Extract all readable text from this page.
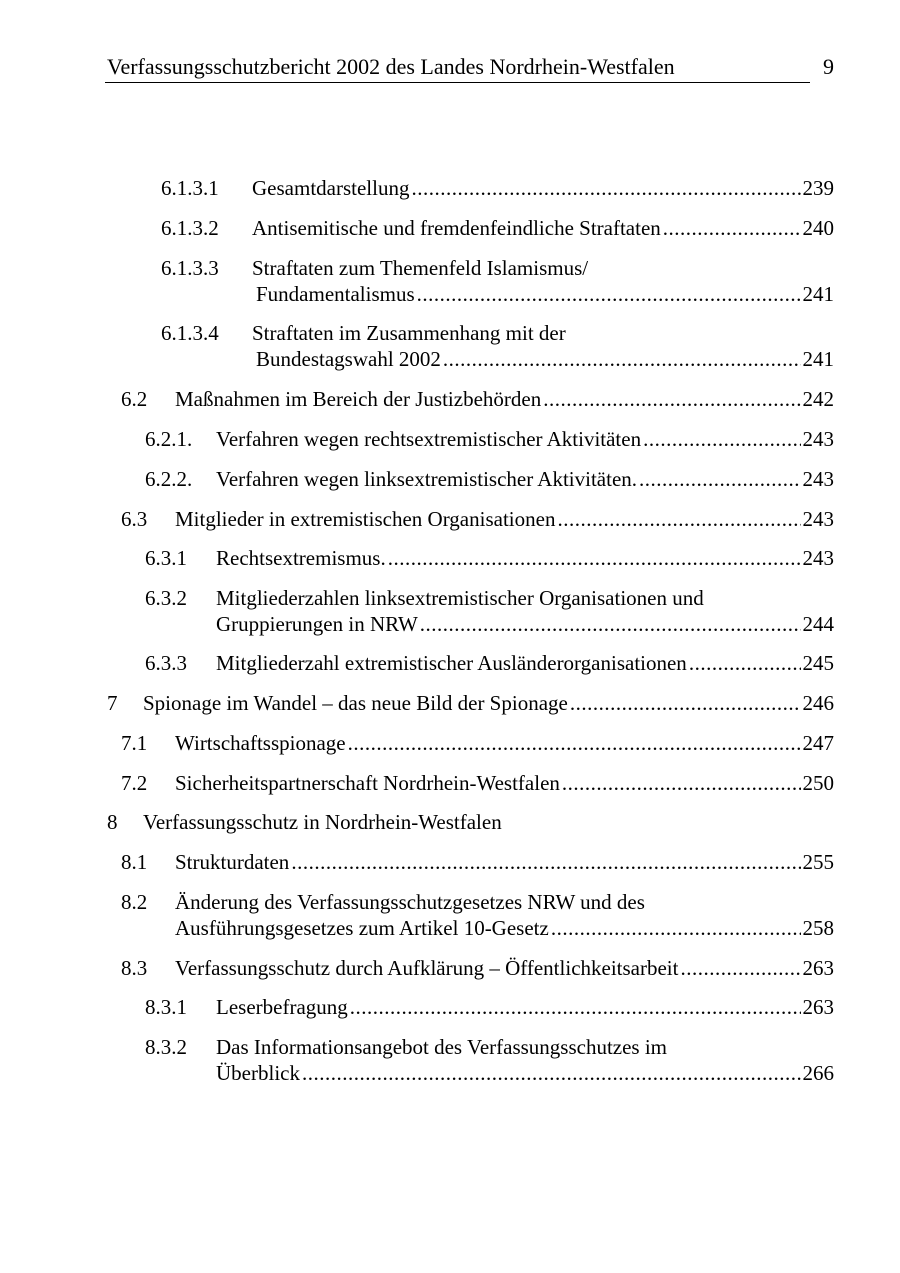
Verfassungsschutzbericht 2002 des Landes Nordrhein-Westfalen	9
6.1.3.1 Gesamtdarstellung .....	239
6.1.3.2 Antisemitische und fremdenfeindliche Straftaten .....	240
6.1.3.3 Straftaten zum Themenfeld Islamismus/
Fundamentalismus .....	241
6.1.3.4 Straftaten im Zusammenhang mit der
Bundestagswahl 2002 .....	241
6.2 Maßnahmen im Bereich der Justizbehörden .....	242
6.2.1. Verfahren wegen rechtsextremistischer Aktivitäten .....	243
6.2.2. Verfahren wegen linksextremistischer Aktivitäten. .....	243
6.3 Mitglieder in extremistischen Organisationen .....	243
6.3.1 Rechtsextremismus. .....	243
6.3.2 Mitgliederzahlen linksextremistischer Organisationen und
Gruppierungen in NRW .....	244
6.3.3 Mitgliederzahl extremistischer Ausländerorganisationen .....	245
7 Spionage im Wandel – das neue Bild der Spionage .....	246
7.1 Wirtschaftsspionage .....	247
7.2 Sicherheitspartnerschaft Nordrhein-Westfalen .....	250
8 Verfassungsschutz in Nordrhein-Westfalen
8.1 Strukturdaten .....	255
8.2 Änderung des Verfassungsschutzgesetzes NRW und des
Ausführungsgesetzes zum Artikel 10-Gesetz .....	258
8.3 Verfassungsschutz durch Aufklärung – Öffentlichkeitsarbeit .....	263
8.3.1 Leserbefragung .....	263
8.3.2 Das Informationsangebot des Verfassungsschutzes im
Überblick .....	266
